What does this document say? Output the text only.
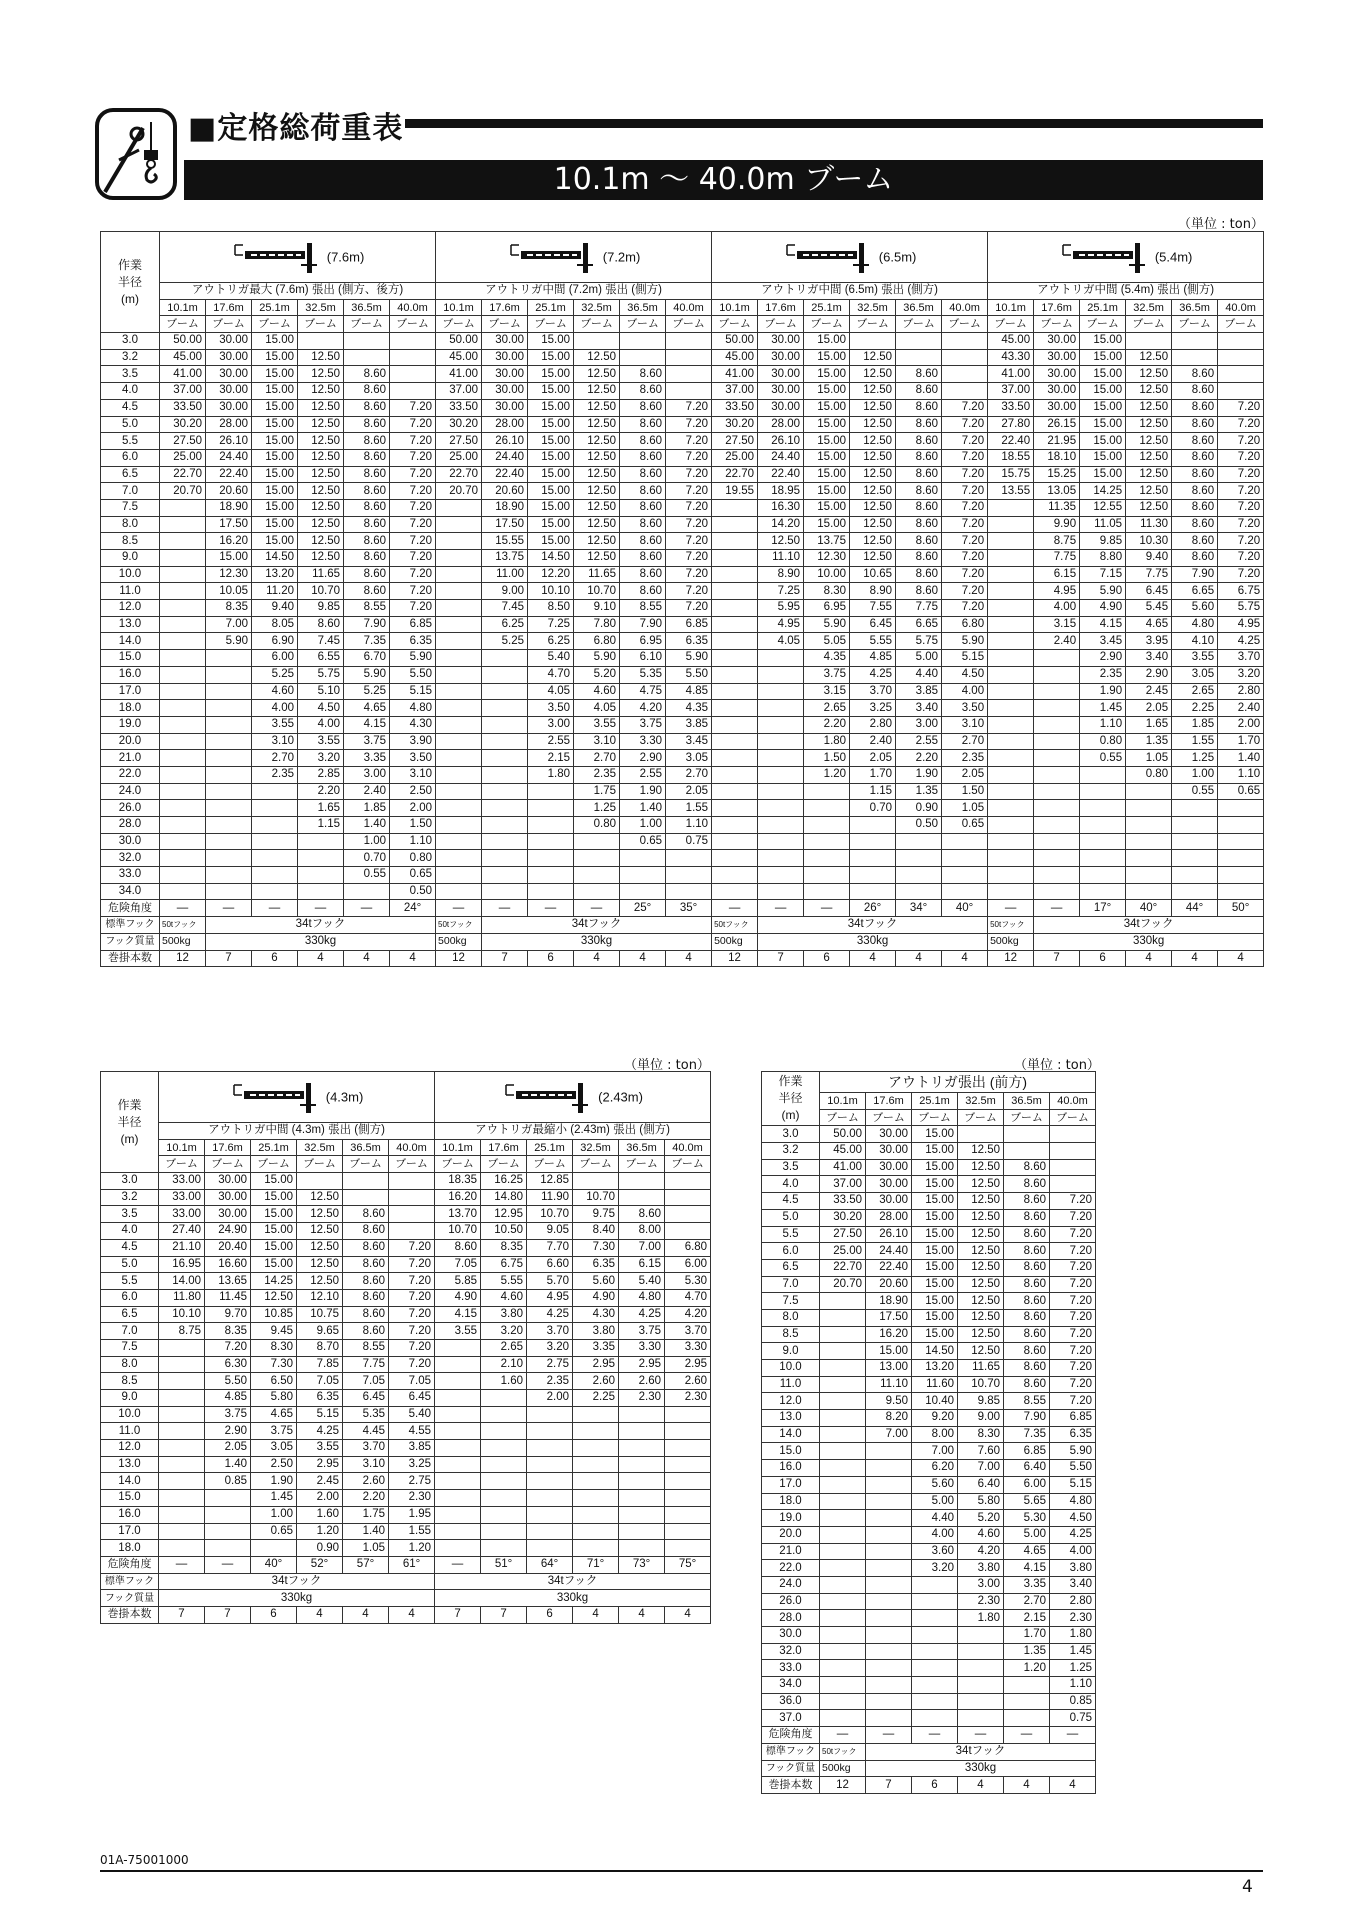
■定格総荷重表
10.1m ～ 40.0m ブーム
（単位 : ton）
作業
半径
(m)	(7.6m)						(7.2m)						(6.5m)						(5.4m)					
	アウトリガ最大 (7.6m) 張出 (側方、後方)						アウトリガ中間 (7.2m) 張出 (側方)						アウトリガ中間 (6.5m) 張出 (側方)						アウトリガ中間 (5.4m) 張出 (側方)					
	10.1m	17.6m	25.1m	32.5m	36.5m	40.0m	10.1m	17.6m	25.1m	32.5m	36.5m	40.0m	10.1m	17.6m	25.1m	32.5m	36.5m	40.0m	10.1m	17.6m	25.1m	32.5m	36.5m	40.0m
	ブーム	ブーム	ブーム	ブーム	ブーム	ブーム	ブーム	ブーム	ブーム	ブーム	ブーム	ブーム	ブーム	ブーム	ブーム	ブーム	ブーム	ブーム	ブーム	ブーム	ブーム	ブーム	ブーム	ブーム
3.0	50.00	30.00	15.00				50.00	30.00	15.00				50.00	30.00	15.00				45.00	30.00	15.00			
3.2	45.00	30.00	15.00	12.50			45.00	30.00	15.00	12.50			45.00	30.00	15.00	12.50			43.30	30.00	15.00	12.50		
3.5	41.00	30.00	15.00	12.50	8.60		41.00	30.00	15.00	12.50	8.60		41.00	30.00	15.00	12.50	8.60		41.00	30.00	15.00	12.50	8.60	
4.0	37.00	30.00	15.00	12.50	8.60		37.00	30.00	15.00	12.50	8.60		37.00	30.00	15.00	12.50	8.60		37.00	30.00	15.00	12.50	8.60	
4.5	33.50	30.00	15.00	12.50	8.60	7.20	33.50	30.00	15.00	12.50	8.60	7.20	33.50	30.00	15.00	12.50	8.60	7.20	33.50	30.00	15.00	12.50	8.60	7.20
5.0	30.20	28.00	15.00	12.50	8.60	7.20	30.20	28.00	15.00	12.50	8.60	7.20	30.20	28.00	15.00	12.50	8.60	7.20	27.80	26.15	15.00	12.50	8.60	7.20
5.5	27.50	26.10	15.00	12.50	8.60	7.20	27.50	26.10	15.00	12.50	8.60	7.20	27.50	26.10	15.00	12.50	8.60	7.20	22.40	21.95	15.00	12.50	8.60	7.20
6.0	25.00	24.40	15.00	12.50	8.60	7.20	25.00	24.40	15.00	12.50	8.60	7.20	25.00	24.40	15.00	12.50	8.60	7.20	18.55	18.10	15.00	12.50	8.60	7.20
6.5	22.70	22.40	15.00	12.50	8.60	7.20	22.70	22.40	15.00	12.50	8.60	7.20	22.70	22.40	15.00	12.50	8.60	7.20	15.75	15.25	15.00	12.50	8.60	7.20
7.0	20.70	20.60	15.00	12.50	8.60	7.20	20.70	20.60	15.00	12.50	8.60	7.20	19.55	18.95	15.00	12.50	8.60	7.20	13.55	13.05	14.25	12.50	8.60	7.20
7.5		18.90	15.00	12.50	8.60	7.20		18.90	15.00	12.50	8.60	7.20		16.30	15.00	12.50	8.60	7.20		11.35	12.55	12.50	8.60	7.20
8.0		17.50	15.00	12.50	8.60	7.20		17.50	15.00	12.50	8.60	7.20		14.20	15.00	12.50	8.60	7.20		9.90	11.05	11.30	8.60	7.20
8.5		16.20	15.00	12.50	8.60	7.20		15.55	15.00	12.50	8.60	7.20		12.50	13.75	12.50	8.60	7.20		8.75	9.85	10.30	8.60	7.20
9.0		15.00	14.50	12.50	8.60	7.20		13.75	14.50	12.50	8.60	7.20		11.10	12.30	12.50	8.60	7.20		7.75	8.80	9.40	8.60	7.20
10.0		12.30	13.20	11.65	8.60	7.20		11.00	12.20	11.65	8.60	7.20		8.90	10.00	10.65	8.60	7.20		6.15	7.15	7.75	7.90	7.20
11.0		10.05	11.20	10.70	8.60	7.20		9.00	10.10	10.70	8.60	7.20		7.25	8.30	8.90	8.60	7.20		4.95	5.90	6.45	6.65	6.75
12.0		8.35	9.40	9.85	8.55	7.20		7.45	8.50	9.10	8.55	7.20		5.95	6.95	7.55	7.75	7.20		4.00	4.90	5.45	5.60	5.75
13.0		7.00	8.05	8.60	7.90	6.85		6.25	7.25	7.80	7.90	6.85		4.95	5.90	6.45	6.65	6.80		3.15	4.15	4.65	4.80	4.95
14.0		5.90	6.90	7.45	7.35	6.35		5.25	6.25	6.80	6.95	6.35		4.05	5.05	5.55	5.75	5.90		2.40	3.45	3.95	4.10	4.25
15.0			6.00	6.55	6.70	5.90			5.40	5.90	6.10	5.90			4.35	4.85	5.00	5.15			2.90	3.40	3.55	3.70
16.0			5.25	5.75	5.90	5.50			4.70	5.20	5.35	5.50			3.75	4.25	4.40	4.50			2.35	2.90	3.05	3.20
17.0			4.60	5.10	5.25	5.15			4.05	4.60	4.75	4.85			3.15	3.70	3.85	4.00			1.90	2.45	2.65	2.80
18.0			4.00	4.50	4.65	4.80			3.50	4.05	4.20	4.35			2.65	3.25	3.40	3.50			1.45	2.05	2.25	2.40
19.0			3.55	4.00	4.15	4.30			3.00	3.55	3.75	3.85			2.20	2.80	3.00	3.10			1.10	1.65	1.85	2.00
20.0			3.10	3.55	3.75	3.90			2.55	3.10	3.30	3.45			1.80	2.40	2.55	2.70			0.80	1.35	1.55	1.70
21.0			2.70	3.20	3.35	3.50			2.15	2.70	2.90	3.05			1.50	2.05	2.20	2.35			0.55	1.05	1.25	1.40
22.0			2.35	2.85	3.00	3.10			1.80	2.35	2.55	2.70			1.20	1.70	1.90	2.05				0.80	1.00	1.10
24.0				2.20	2.40	2.50				1.75	1.90	2.05				1.15	1.35	1.50					0.55	0.65
26.0				1.65	1.85	2.00				1.25	1.40	1.55				0.70	0.90	1.05						
28.0				1.15	1.40	1.50				0.80	1.00	1.10					0.50	0.65						
30.0					1.00	1.10					0.65	0.75												
32.0					0.70	0.80																		
33.0					0.55	0.65																		
34.0						0.50																		
危険角度	—	—	—	—	—	24°	—	—	—	—	25°	35°	—	—	—	26°	34°	40°	—	—	17°	40°	44°	50°
標準フック	50tフック	34tフック					50tフック	34tフック					50tフック	34tフック					50tフック	34tフック				
フック質量	500kg	330kg					500kg	330kg					500kg	330kg					500kg	330kg				
巻掛本数	12	7	6	4	4	4	12	7	6	4	4	4	12	7	6	4	4	4	12	7	6	4	4	4
（単位 : ton）
作業
半径
(m)	(4.3m)						(2.43m)					
	アウトリガ中間 (4.3m) 張出 (側方)						アウトリガ最縮小 (2.43m) 張出 (側方)					
	10.1m	17.6m	25.1m	32.5m	36.5m	40.0m	10.1m	17.6m	25.1m	32.5m	36.5m	40.0m
	ブーム	ブーム	ブーム	ブーム	ブーム	ブーム	ブーム	ブーム	ブーム	ブーム	ブーム	ブーム
3.0	33.00	30.00	15.00				18.35	16.25	12.85			
3.2	33.00	30.00	15.00	12.50			16.20	14.80	11.90	10.70		
3.5	33.00	30.00	15.00	12.50	8.60		13.70	12.95	10.70	9.75	8.60	
4.0	27.40	24.90	15.00	12.50	8.60		10.70	10.50	9.05	8.40	8.00	
4.5	21.10	20.40	15.00	12.50	8.60	7.20	8.60	8.35	7.70	7.30	7.00	6.80
5.0	16.95	16.60	15.00	12.50	8.60	7.20	7.05	6.75	6.60	6.35	6.15	6.00
5.5	14.00	13.65	14.25	12.50	8.60	7.20	5.85	5.55	5.70	5.60	5.40	5.30
6.0	11.80	11.45	12.50	12.10	8.60	7.20	4.90	4.60	4.95	4.90	4.80	4.70
6.5	10.10	9.70	10.85	10.75	8.60	7.20	4.15	3.80	4.25	4.30	4.25	4.20
7.0	8.75	8.35	9.45	9.65	8.60	7.20	3.55	3.20	3.70	3.80	3.75	3.70
7.5		7.20	8.30	8.70	8.55	7.20		2.65	3.20	3.35	3.30	3.30
8.0		6.30	7.30	7.85	7.75	7.20		2.10	2.75	2.95	2.95	2.95
8.5		5.50	6.50	7.05	7.05	7.05		1.60	2.35	2.60	2.60	2.60
9.0		4.85	5.80	6.35	6.45	6.45			2.00	2.25	2.30	2.30
10.0		3.75	4.65	5.15	5.35	5.40						
11.0		2.90	3.75	4.25	4.45	4.55						
12.0		2.05	3.05	3.55	3.70	3.85						
13.0		1.40	2.50	2.95	3.10	3.25						
14.0		0.85	1.90	2.45	2.60	2.75						
15.0			1.45	2.00	2.20	2.30						
16.0			1.00	1.60	1.75	1.95						
17.0			0.65	1.20	1.40	1.55						
18.0				0.90	1.05	1.20						
危険角度	—	—	40°	52°	57°	61°	—	51°	64°	71°	73°	75°
標準フック	34tフック						34tフック					
フック質量	330kg						330kg					
巻掛本数	7	7	6	4	4	4	7	7	6	4	4	4
（単位 : ton）
作業
半径
(m)	アウトリガ張出 (前方)					
	10.1m	17.6m	25.1m	32.5m	36.5m	40.0m
	ブーム	ブーム	ブーム	ブーム	ブーム	ブーム
3.0	50.00	30.00	15.00			
3.2	45.00	30.00	15.00	12.50		
3.5	41.00	30.00	15.00	12.50	8.60	
4.0	37.00	30.00	15.00	12.50	8.60	
4.5	33.50	30.00	15.00	12.50	8.60	7.20
5.0	30.20	28.00	15.00	12.50	8.60	7.20
5.5	27.50	26.10	15.00	12.50	8.60	7.20
6.0	25.00	24.40	15.00	12.50	8.60	7.20
6.5	22.70	22.40	15.00	12.50	8.60	7.20
7.0	20.70	20.60	15.00	12.50	8.60	7.20
7.5		18.90	15.00	12.50	8.60	7.20
8.0		17.50	15.00	12.50	8.60	7.20
8.5		16.20	15.00	12.50	8.60	7.20
9.0		15.00	14.50	12.50	8.60	7.20
10.0		13.00	13.20	11.65	8.60	7.20
11.0		11.10	11.60	10.70	8.60	7.20
12.0		9.50	10.40	9.85	8.55	7.20
13.0		8.20	9.20	9.00	7.90	6.85
14.0		7.00	8.00	8.30	7.35	6.35
15.0			7.00	7.60	6.85	5.90
16.0			6.20	7.00	6.40	5.50
17.0			5.60	6.40	6.00	5.15
18.0			5.00	5.80	5.65	4.80
19.0			4.40	5.20	5.30	4.50
20.0			4.00	4.60	5.00	4.25
21.0			3.60	4.20	4.65	4.00
22.0			3.20	3.80	4.15	3.80
24.0				3.00	3.35	3.40
26.0				2.30	2.70	2.80
28.0				1.80	2.15	2.30
30.0					1.70	1.80
32.0					1.35	1.45
33.0					1.20	1.25
34.0						1.10
36.0						0.85
37.0						0.75
危険角度	—	—	—	—	—	—
標準フック	50tフック	34tフック				
フック質量	500kg	330kg				
巻掛本数	12	7	6	4	4	4
01A-75001000
4
